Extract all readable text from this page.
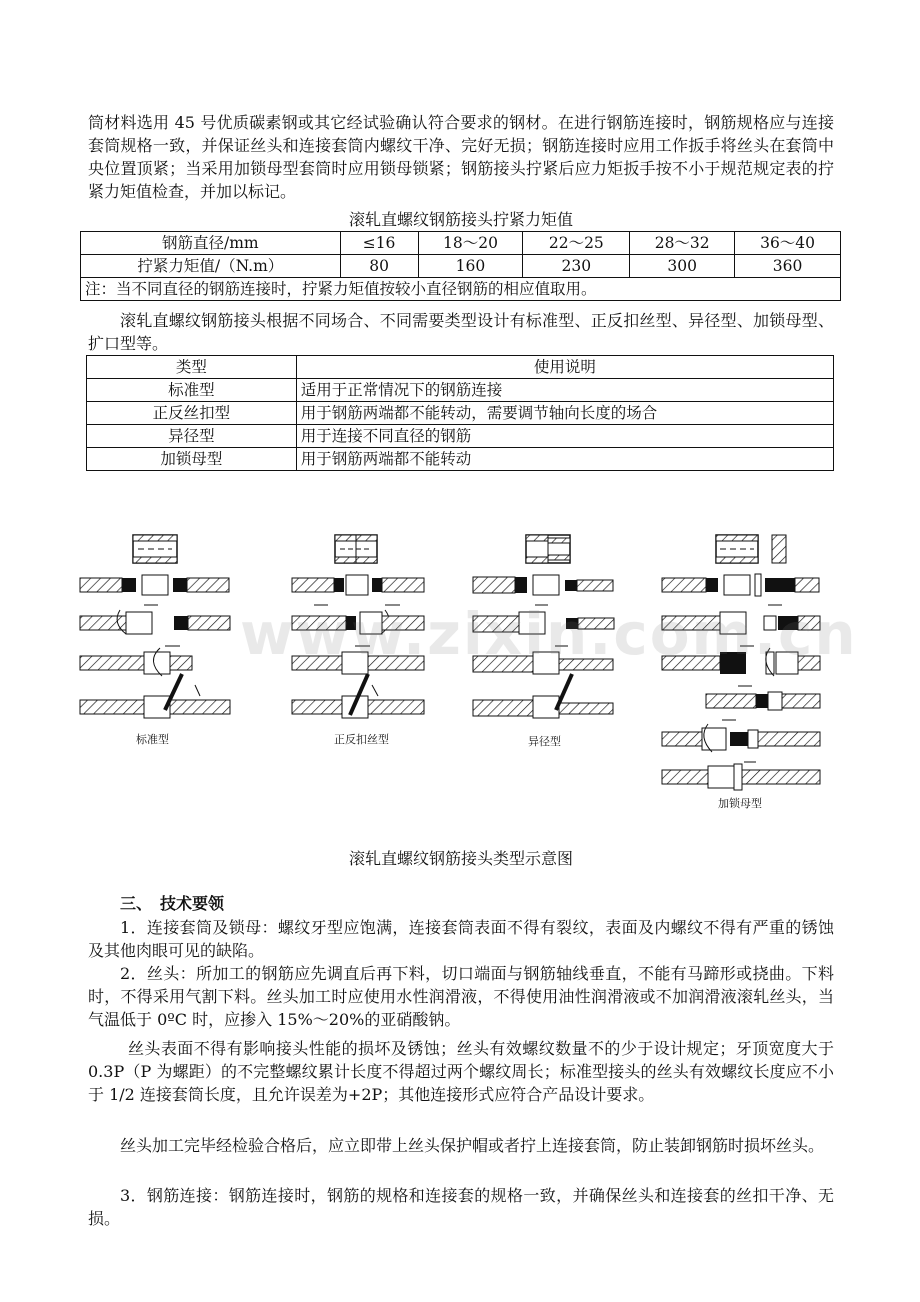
筒材料选用 45 号优质碳素钢或其它经试验确认符合要求的钢材。在进行钢筋连接时，钢筋规格应与连接套筒规格一致，并保证丝头和连接套筒内螺纹干净、完好无损；钢筋连接时应用工作扳手将丝头在套筒中央位置顶紧；当采用加锁母型套筒时应用锁母锁紧；钢筋接头拧紧后应力矩扳手按不小于规范规定表的拧紧力矩值检查，并加以标记。

滚轧直螺纹钢筋接头拧紧力矩值
钢筋直径/mm	≤16	18～20	22～25	28～32	36～40
拧紧力矩值/（N.m）	80	160	230	300	360
注：当不同直径的钢筋连接时，拧紧力矩值按较小直径钢筋的相应值取用。					

滚轧直螺纹钢筋接头根据不同场合、不同需要类型设计有标准型、正反扣丝型、异径型、加锁母型、扩口型等。

类型	使用说明
标准型	适用于正常情况下的钢筋连接
正反丝扣型	用于钢筋两端都不能转动，需要调节轴向长度的场合
异径型	用于连接不同直径的钢筋
加锁母型	用于钢筋两端都不能转动
标准型	正反扣丝型	异径型
加锁母型
www.zixin.com.cn
滚轧直螺纹钢筋接头类型示意图
三、　技术要领

1．连接套筒及锁母：螺纹牙型应饱满，连接套筒表面不得有裂纹，表面及内螺纹不得有严重的锈蚀及其他肉眼可见的缺陷。

2．丝头：所加工的钢筋应先调直后再下料，切口端面与钢筋轴线垂直，不能有马蹄形或挠曲。下料时，不得采用气割下料。丝头加工时应使用水性润滑液，不得使用油性润滑液或不加润滑液滚轧丝头，当气温低于 0ºC 时，应掺入 15%～20%的亚硝酸钠。

丝头表面不得有影响接头性能的损坏及锈蚀；丝头有效螺纹数量不的少于设计规定；牙顶宽度大于 0.3P（P 为螺距）的不完整螺纹累计长度不得超过两个螺纹周长；标准型接头的丝头有效螺纹长度应不小于 1/2 连接套筒长度，且允许误差为+2P；其他连接形式应符合产品设计要求。

丝头加工完毕经检验合格后，应立即带上丝头保护帽或者拧上连接套筒，防止装卸钢筋时损坏丝头。

3．钢筋连接：钢筋连接时，钢筋的规格和连接套的规格一致，并确保丝头和连接套的丝扣干净、无损。
